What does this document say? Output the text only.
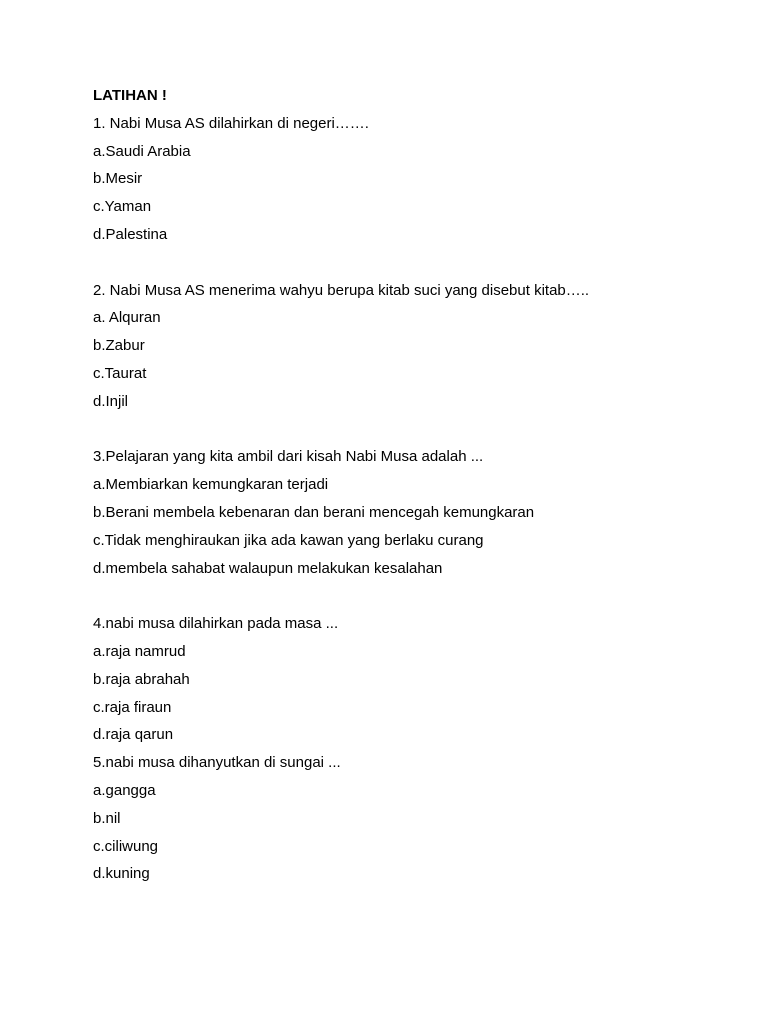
LATIHAN !
1. Nabi Musa AS dilahirkan di negeri…….
a.Saudi Arabia
b.Mesir
c.Yaman
d.Palestina
2. Nabi Musa AS menerima wahyu berupa kitab suci yang disebut kitab…..
a. Alquran
b.Zabur
c.Taurat
d.Injil
3.Pelajaran yang kita ambil dari kisah Nabi Musa adalah ...
a.Membiarkan kemungkaran terjadi
b.Berani membela kebenaran dan berani mencegah kemungkaran
c.Tidak menghiraukan jika ada kawan yang berlaku curang
d.membela sahabat walaupun melakukan kesalahan
4.nabi musa dilahirkan pada masa ...
a.raja namrud
b.raja abrahah
c.raja firaun
d.raja qarun
5.nabi musa dihanyutkan di sungai ...
a.gangga
b.nil
c.ciliwung
d.kuning
